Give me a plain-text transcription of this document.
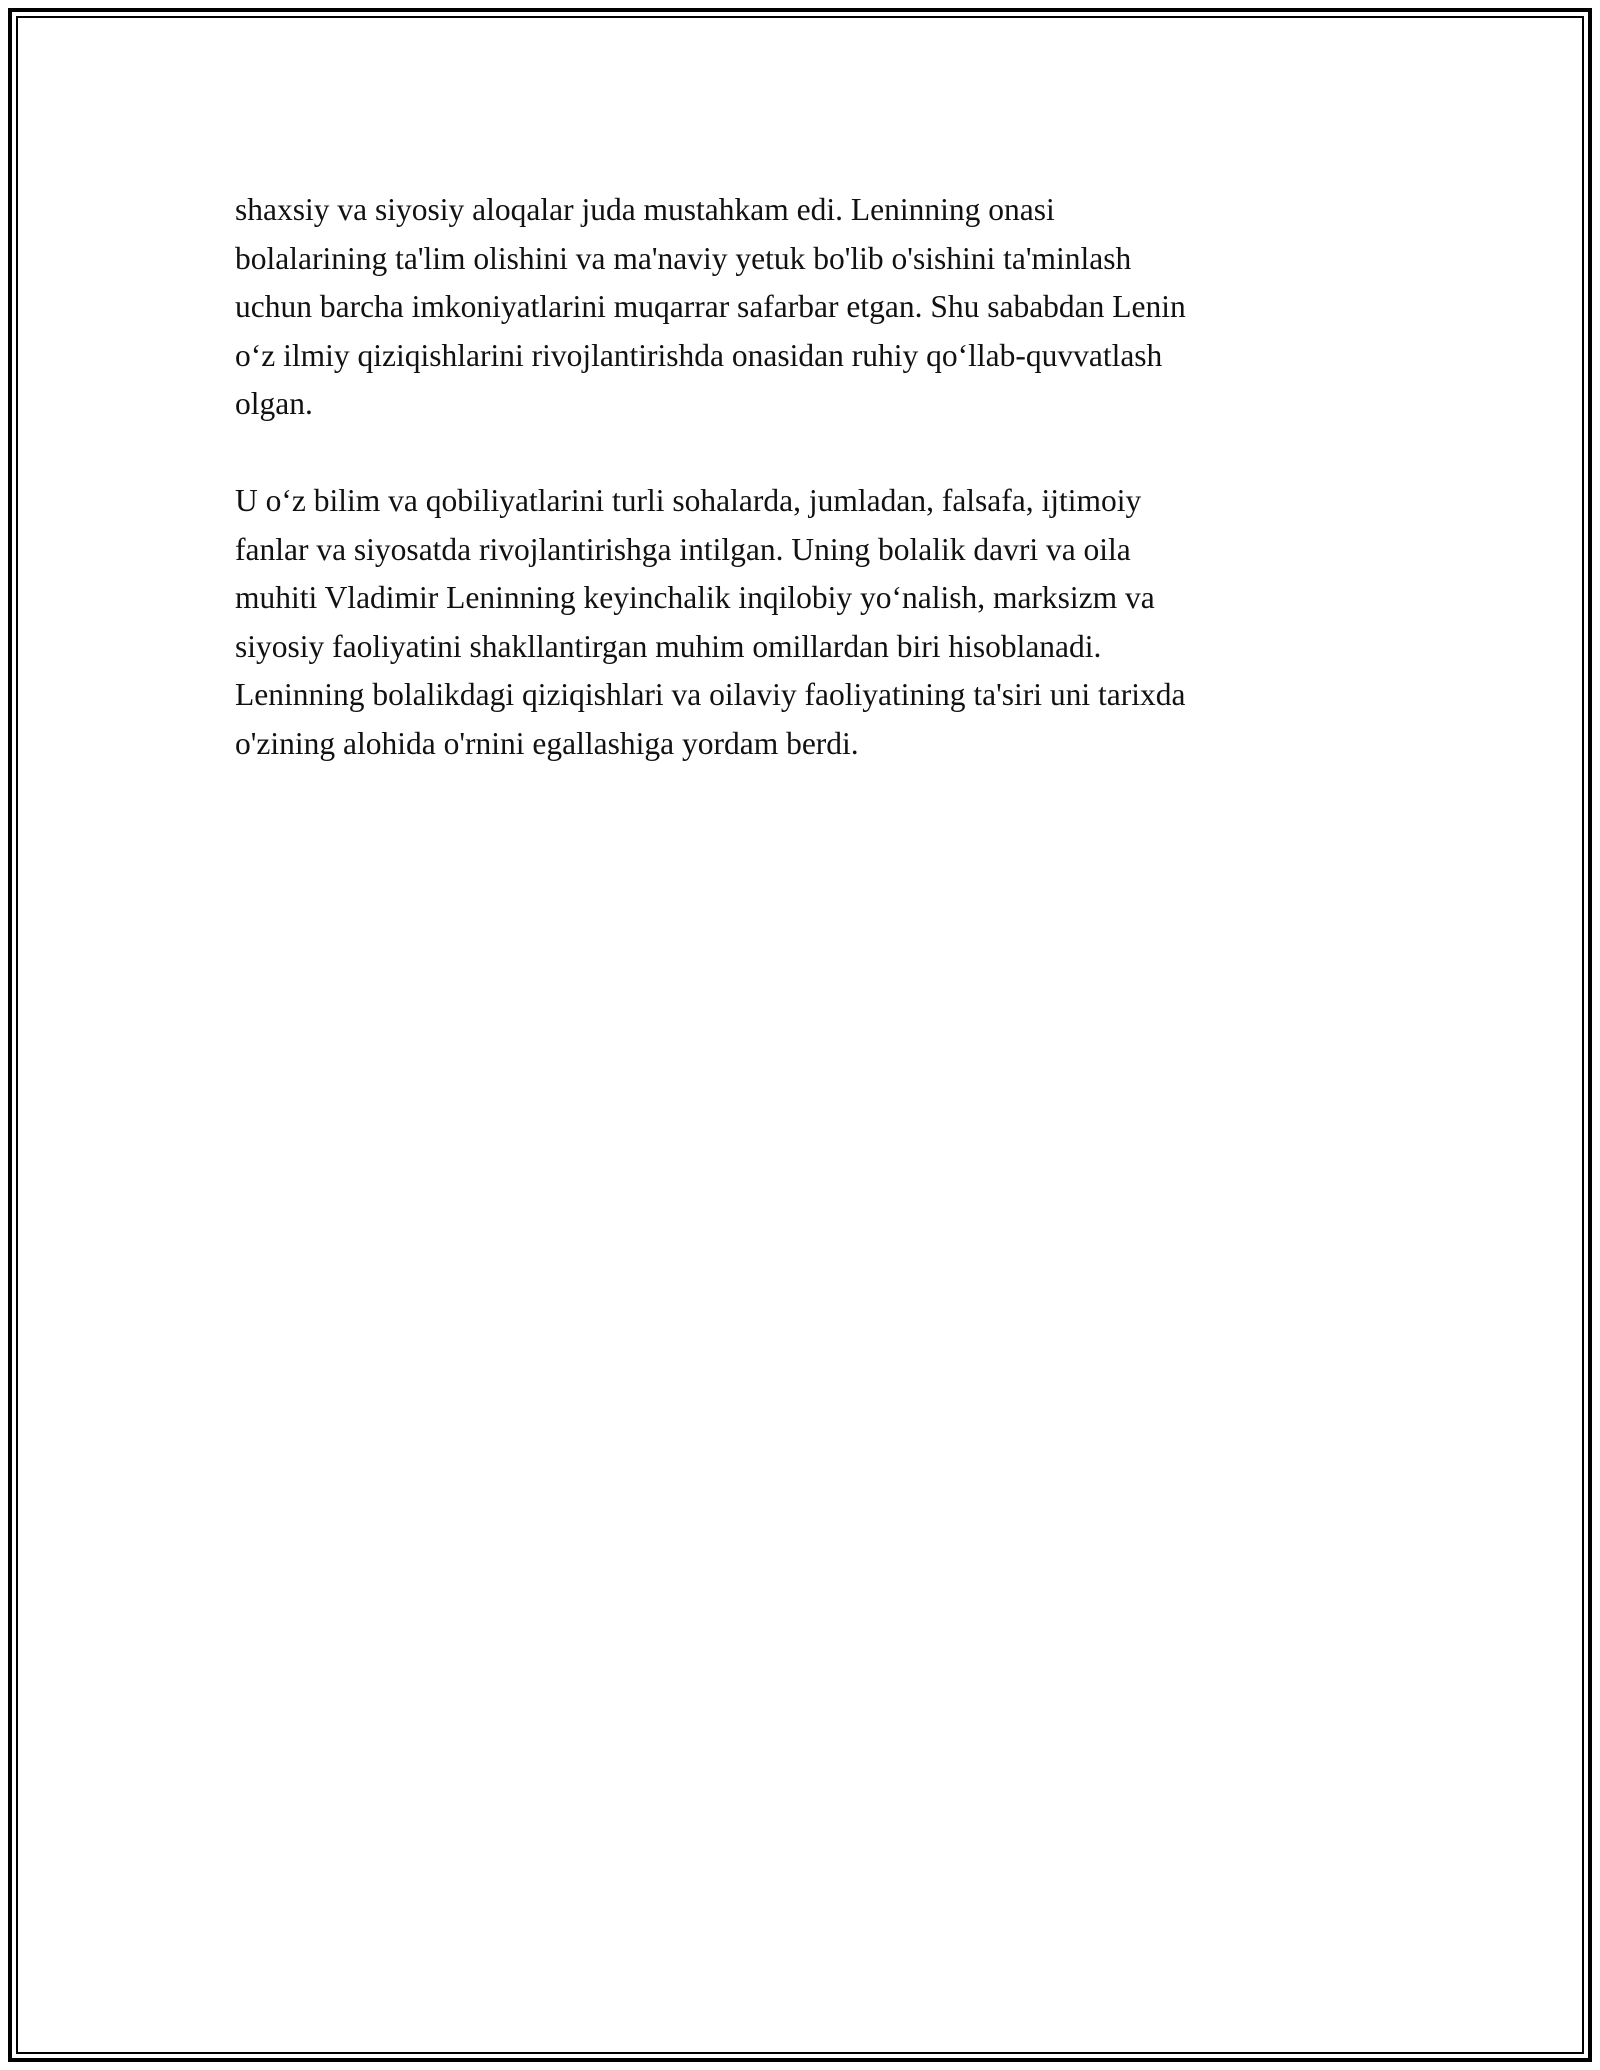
shaxsiy va siyosiy aloqalar juda mustahkam edi. Leninning onasi
bolalarining ta'lim olishini va ma'naviy yetuk bo'lib o'sishini ta'minlash
uchun barcha imkoniyatlarini muqarrar safarbar etgan. Shu sababdan Lenin
o‘z ilmiy qiziqishlarini rivojlantirishda onasidan ruhiy qo‘llab-quvvatlash
olgan.

U o‘z bilim va qobiliyatlarini turli sohalarda, jumladan, falsafa, ijtimoiy
fanlar va siyosatda rivojlantirishga intilgan. Uning bolalik davri va oila
muhiti Vladimir Leninning keyinchalik inqilobiy yo‘nalish, marksizm va
siyosiy faoliyatini shakllantirgan muhim omillardan biri hisoblanadi.
Leninning bolalikdagi qiziqishlari va oilaviy faoliyatining ta'siri uni tarixda
o'zining alohida o'rnini egallashiga yordam berdi.
